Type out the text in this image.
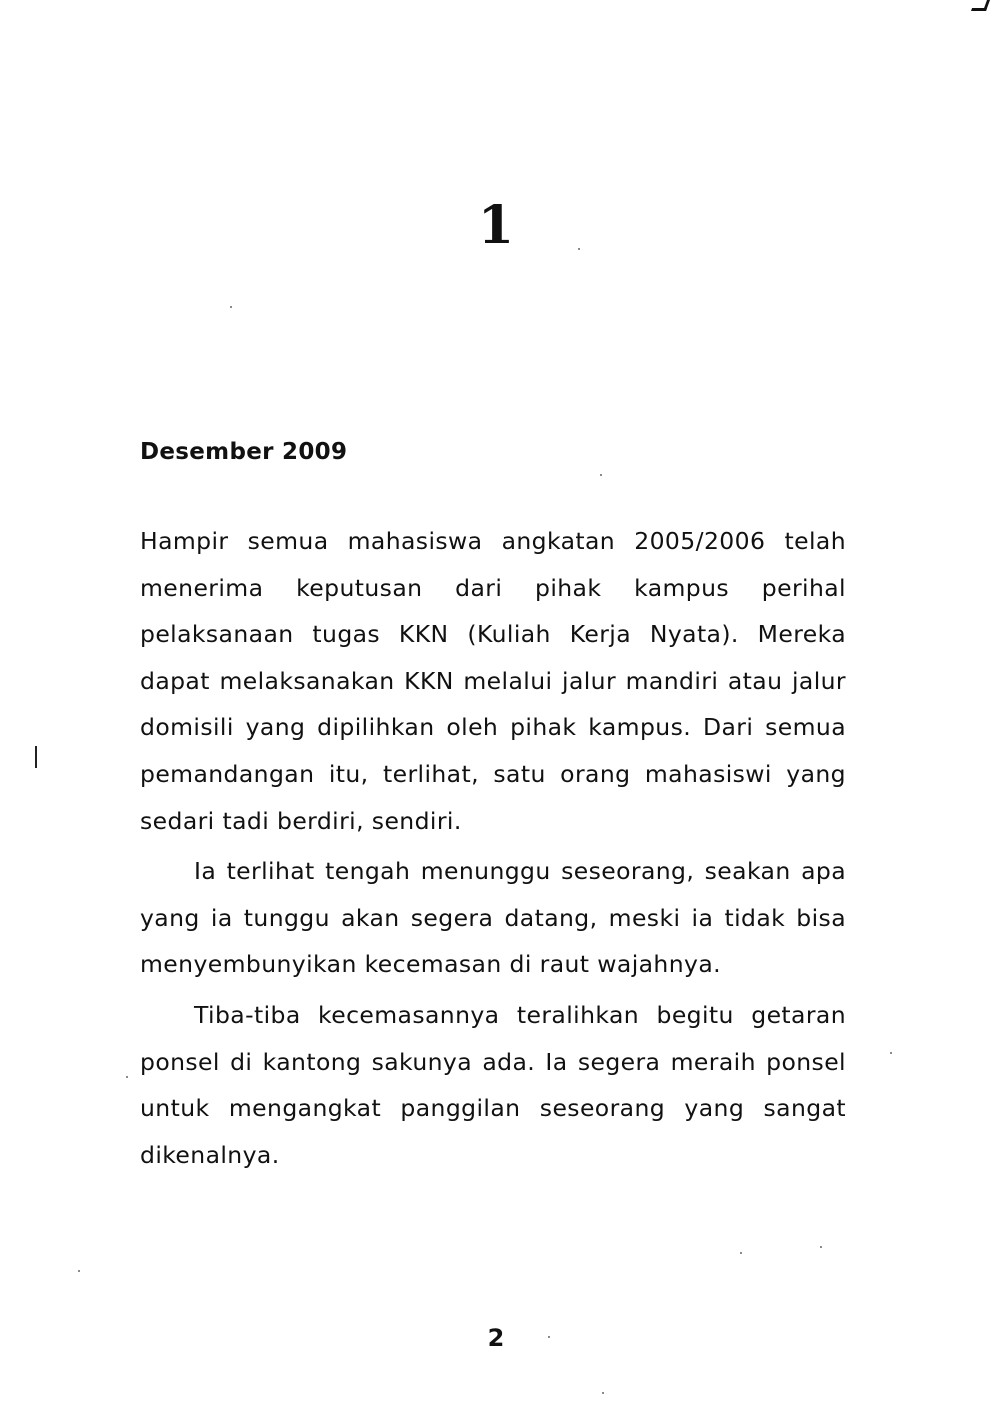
1
Desember 2009

Hampir semua mahasiswa angkatan 2005/2006 telah menerima keputusan dari pihak kampus perihal pelaksanaan tugas KKN (Kuliah Kerja Nyata). Mereka dapat melaksanakan KKN melalui jalur mandiri atau jalur domisili yang dipilihkan oleh pihak kampus. Dari semua pemandangan itu, terlihat, satu orang mahasiswi yang sedari tadi berdiri, sendiri.

Ia terlihat tengah menunggu seseorang, seakan apa yang ia tunggu akan segera datang, meski ia tidak bisa menyembunyikan kecemasan di raut wajahnya.

Tiba-tiba kecemasannya teralihkan begitu getaran ponsel di kantong sakunya ada. Ia segera meraih ponsel untuk mengangkat panggilan seseorang yang sangat dikenalnya.

2
